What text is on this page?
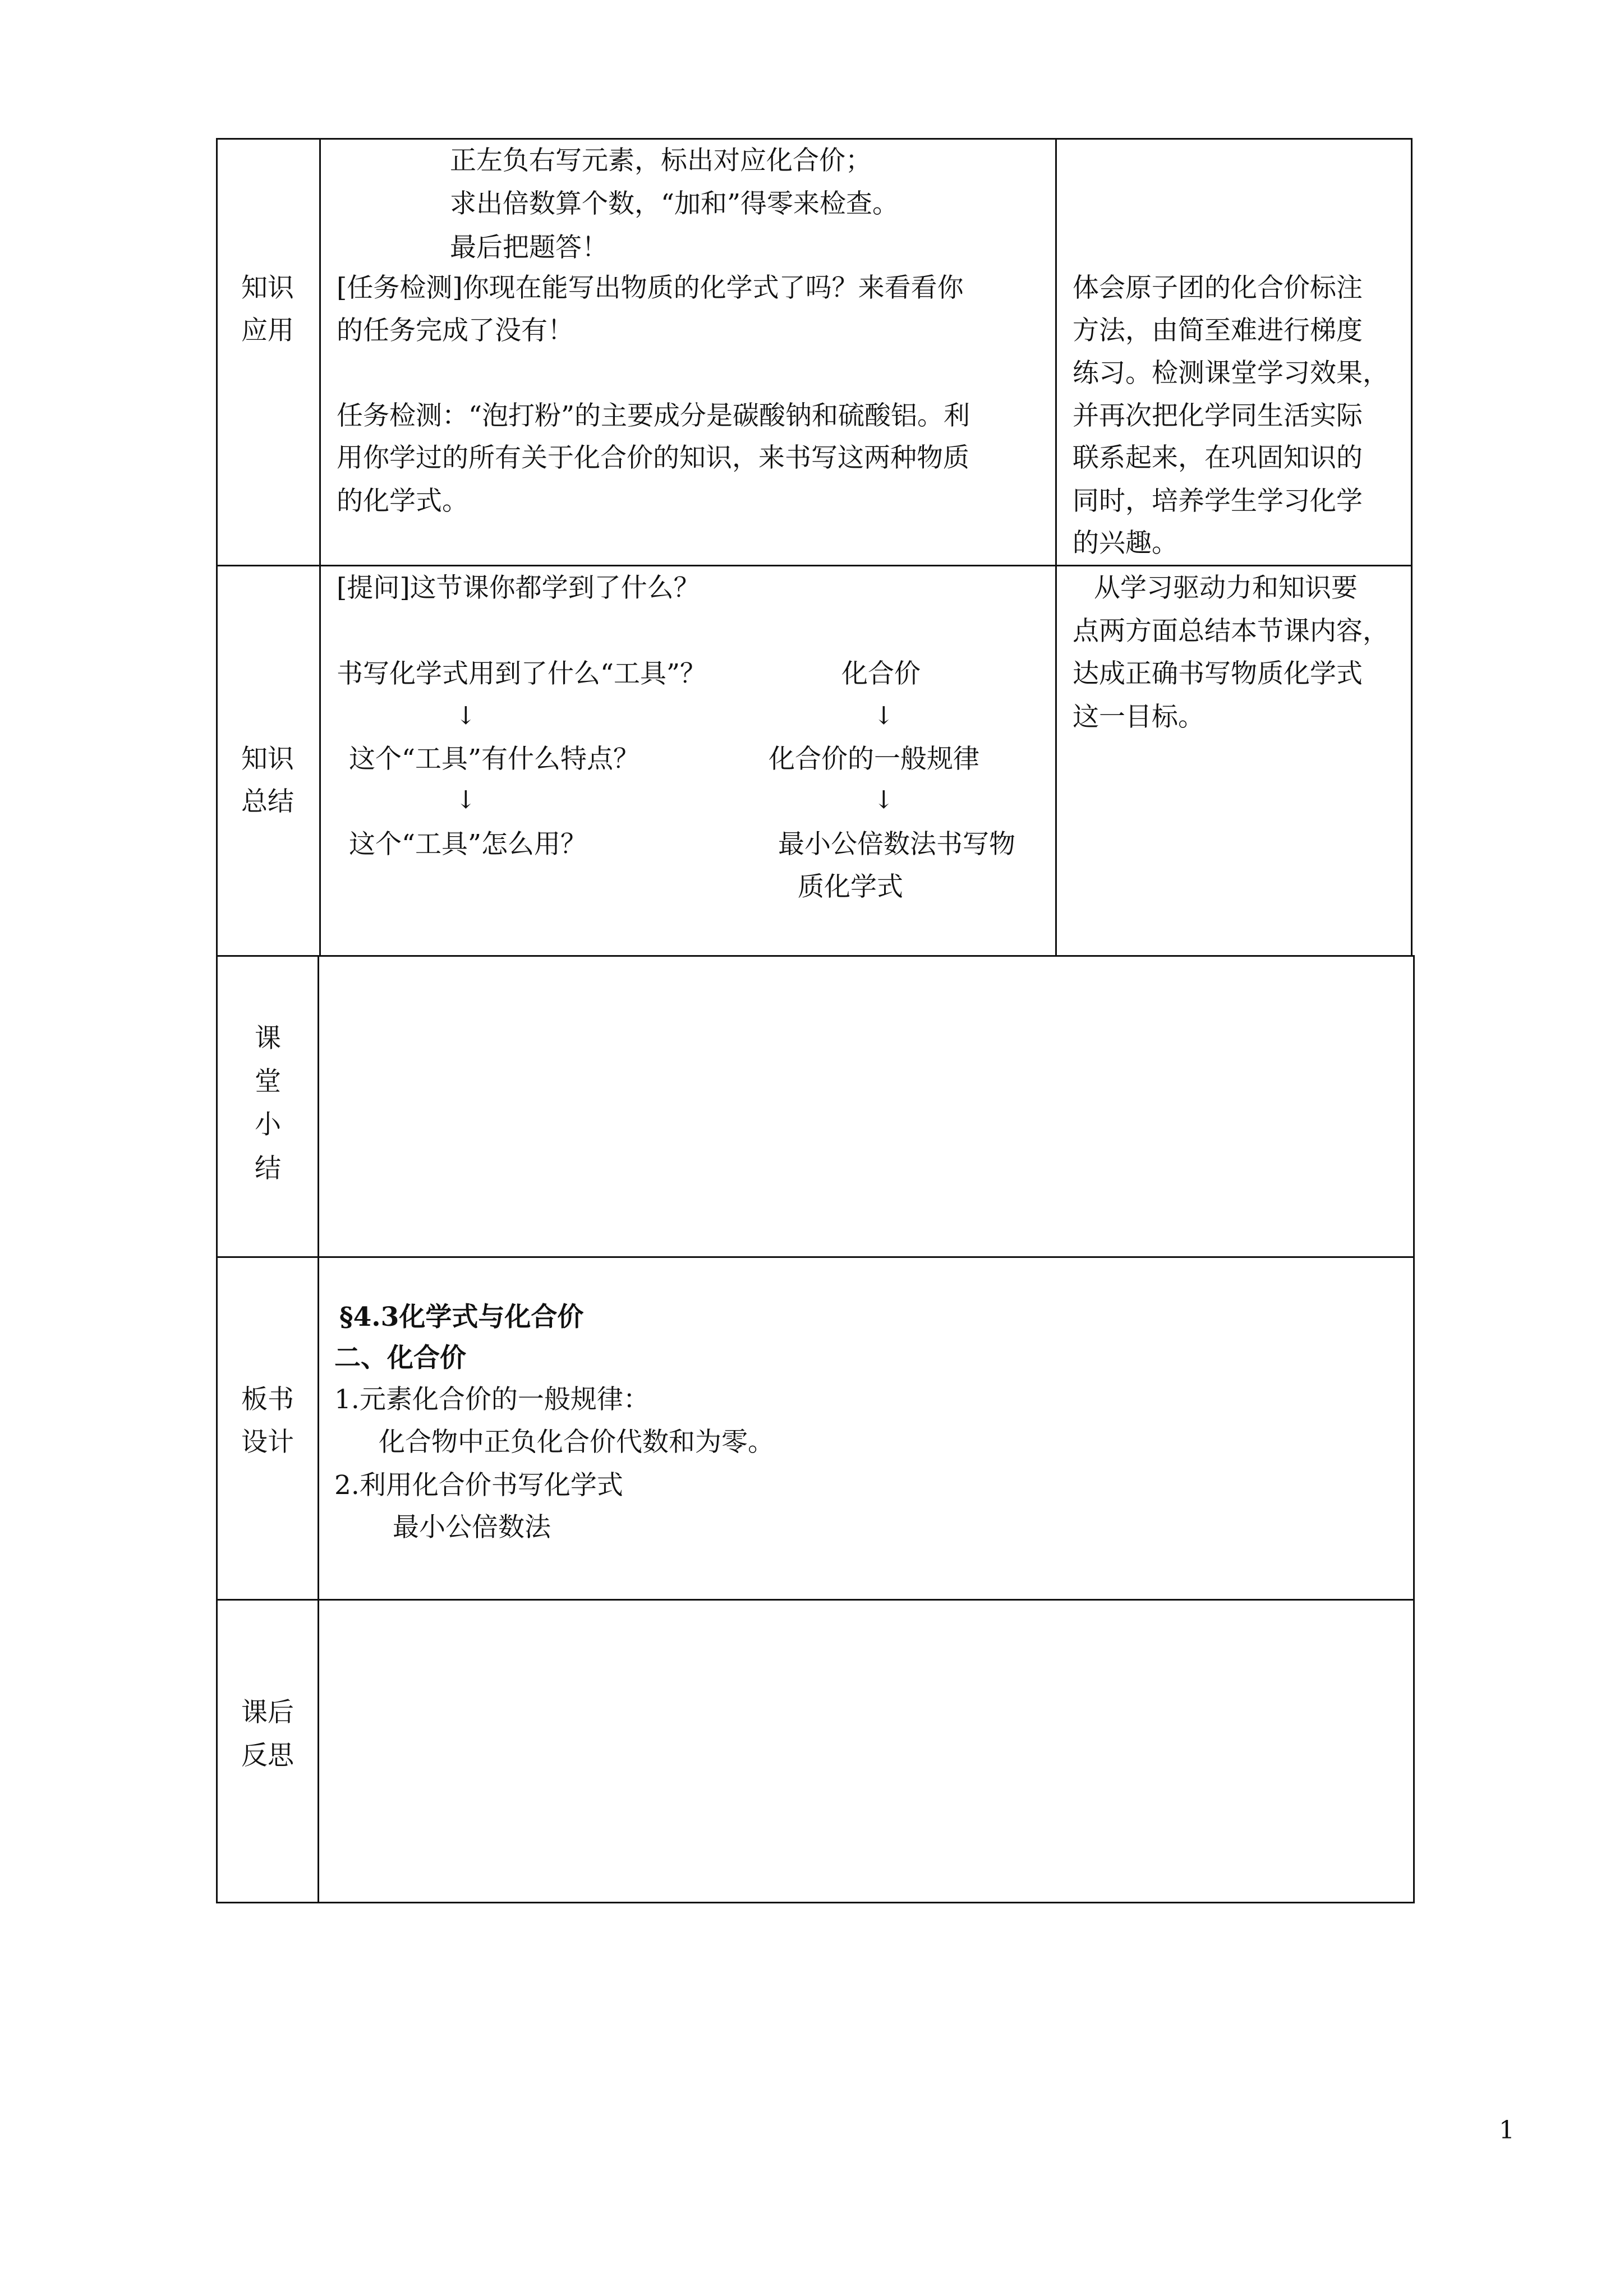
知识
应用
正左负右写元素，标出对应化合价；
求出倍数算个数，“加和”得零来检查。
最后把题答！
[任务检测]你现在能写出物质的化学式了吗？来看看你
的任务完成了没有！
任务检测：“泡打粉”的主要成分是碳酸钠和硫酸铝。利
用你学过的所有关于化合价的知识，来书写这两种物质
的化学式。
体会原子团的化合价标注
方法，由简至难进行梯度
练习。检测课堂学习效果，
并再次把化学同生活实际
联系起来，在巩固知识的
同时，培养学生学习化学
的兴趣。
知识
总结
[提问]这节课你都学到了什么？
书写化学式用到了什么“工具”？
↓
这个“工具”有什么特点？
↓
这个“工具”怎么用？
化合价
↓
化合价的一般规律
↓
最小公倍数法书写物
质化学式
从学习驱动力和知识要
点两方面总结本节课内容，
达成正确书写物质化学式
这一目标。
课
堂
小
结
板书
设计
§4.3化学式与化合价
二、化合价
1.元素化合价的一般规律：
化合物中正负化合价代数和为零。
2.利用化合价书写化学式
最小公倍数法
课后
反思
1
